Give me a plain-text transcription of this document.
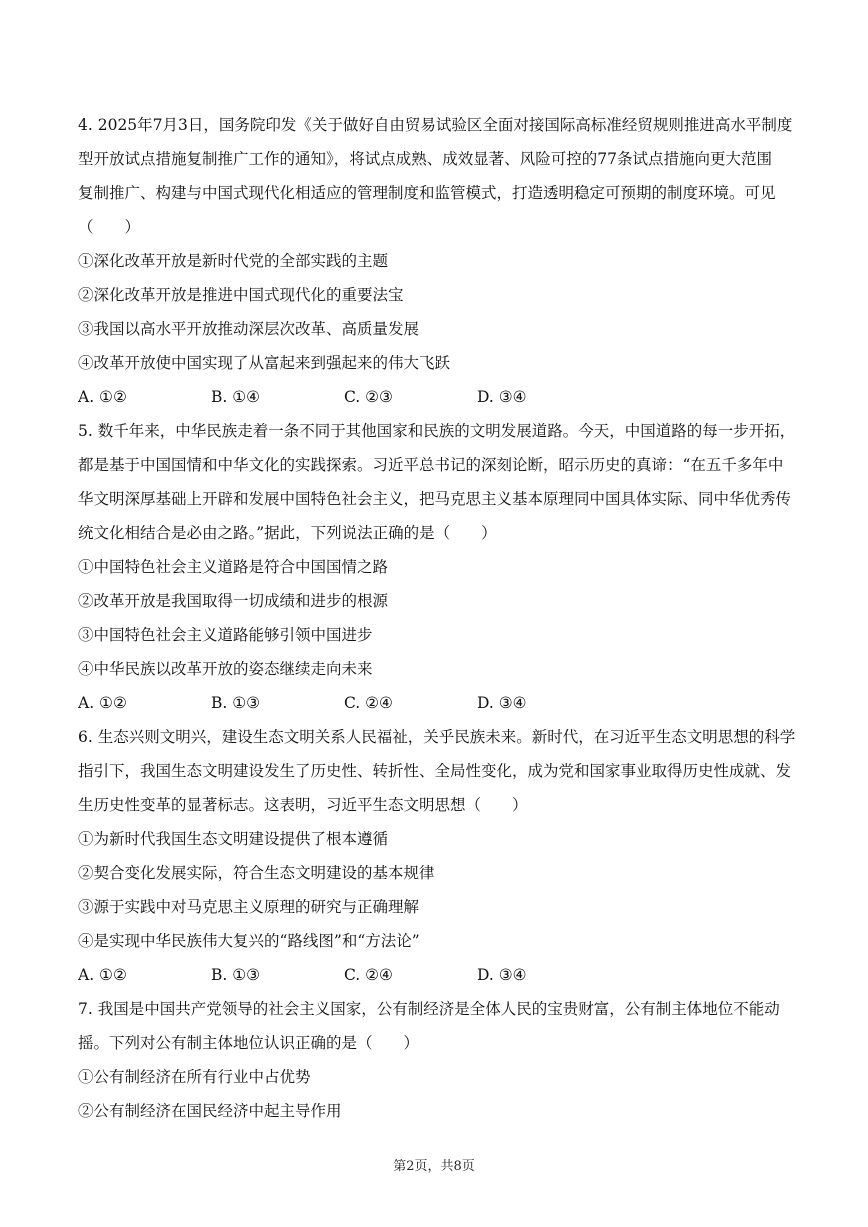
4. 2025年7月3日，国务院印发《关于做好自由贸易试验区全面对接国际高标准经贸规则推进高水平制度
型开放试点措施复制推广工作的通知》，将试点成熟、成效显著、风险可控的77条试点措施向更大范围
复制推广、构建与中国式现代化相适应的管理制度和监管模式，打造透明稳定可预期的制度环境。可见
（　　）
①深化改革开放是新时代党的全部实践的主题
②深化改革开放是推进中国式现代化的重要法宝
③我国以高水平开放推动深层次改革、高质量发展
④改革开放使中国实现了从富起来到强起来的伟大飞跃
A. ①②	B. ①④	C. ②③	D. ③④
5. 数千年来，中华民族走着一条不同于其他国家和民族的文明发展道路。今天，中国道路的每一步开拓，
都是基于中国国情和中华文化的实践探索。习近平总书记的深刻论断，昭示历史的真谛：“在五千多年中
华文明深厚基础上开辟和发展中国特色社会主义，把马克思主义基本原理同中国具体实际、同中华优秀传
统文化相结合是必由之路。”据此，下列说法正确的是（　　）
①中国特色社会主义道路是符合中国国情之路
②改革开放是我国取得一切成绩和进步的根源
③中国特色社会主义道路能够引领中国进步
④中华民族以改革开放的姿态继续走向未来
A. ①②	B. ①③	C. ②④	D. ③④
6. 生态兴则文明兴，建设生态文明关系人民福祉，关乎民族未来。新时代，在习近平生态文明思想的科学
指引下，我国生态文明建设发生了历史性、转折性、全局性变化，成为党和国家事业取得历史性成就、发
生历史性变革的显著标志。这表明，习近平生态文明思想（　　）
①为新时代我国生态文明建设提供了根本遵循
②契合变化发展实际，符合生态文明建设的基本规律
③源于实践中对马克思主义原理的研究与正确理解
④是实现中华民族伟大复兴的“路线图”和“方法论”
A. ①②	B. ①③	C. ②④	D. ③④
7. 我国是中国共产党领导的社会主义国家，公有制经济是全体人民的宝贵财富，公有制主体地位不能动
摇。下列对公有制主体地位认识正确的是（　　）
①公有制经济在所有行业中占优势
②公有制经济在国民经济中起主导作用
第2页，共8页
